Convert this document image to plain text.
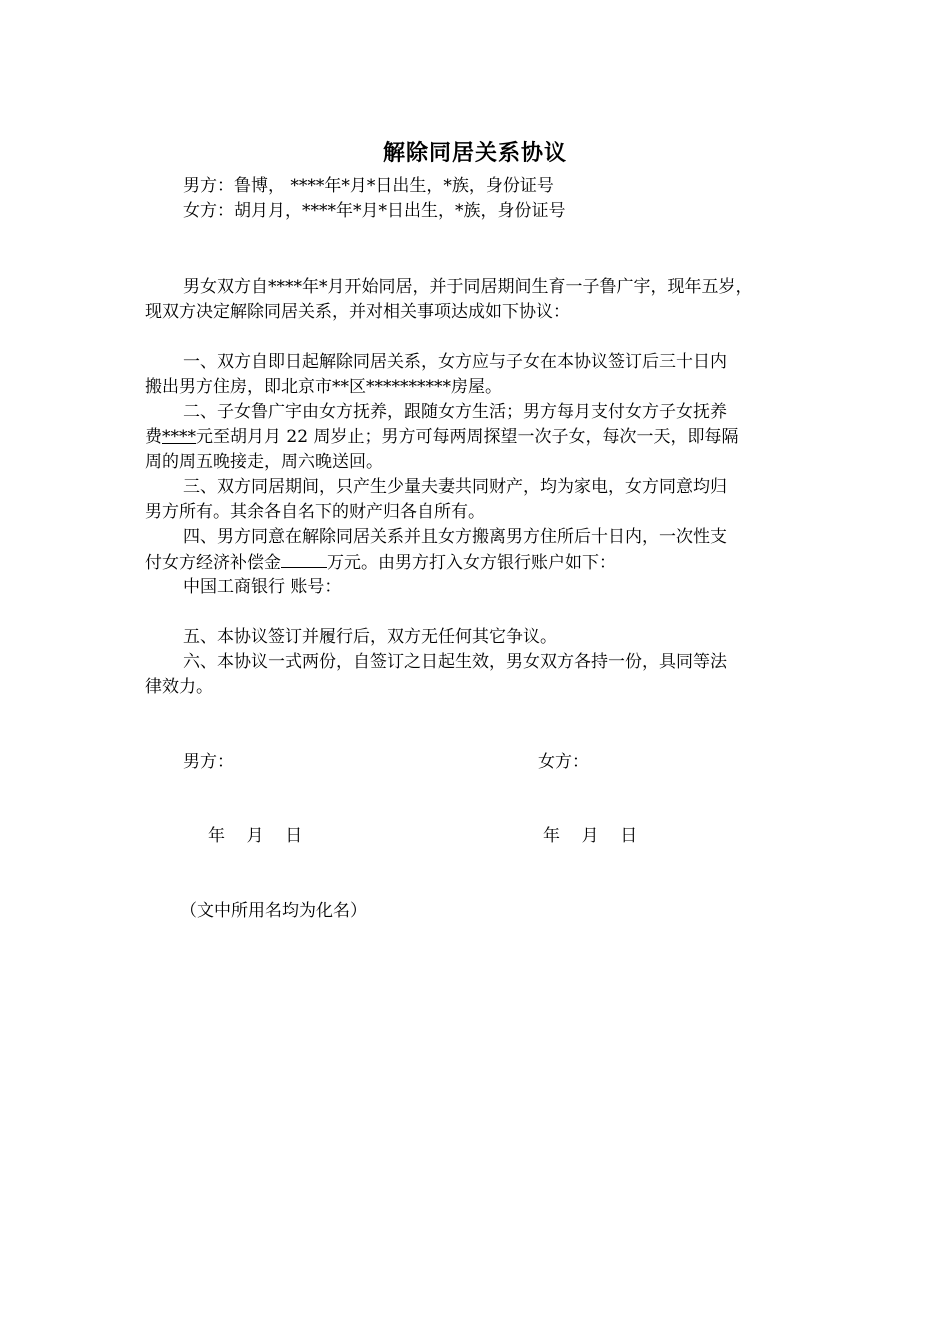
解除同居关系协议
男方：鲁博， ****年*月*日出生，*族，身份证号
女方：胡月月，****年*月*日出生，*族，身份证号
男女双方自****年*月开始同居，并于同居期间生育一子鲁广宇，现年五岁，
现双方决定解除同居关系，并对相关事项达成如下协议：
一、双方自即日起解除同居关系，女方应与子女在本协议签订后三十日内
搬出男方住房，即北京市**区**********房屋。
二、子女鲁广宇由女方抚养，跟随女方生活；男方每月支付女方子女抚养
费****元至胡月月 22 周岁止；男方可每两周探望一次子女，每次一天，即每隔
周的周五晚接走，周六晚送回。
三、双方同居期间，只产生少量夫妻共同财产，均为家电，女方同意均归
男方所有。其余各自名下的财产归各自所有。
四、男方同意在解除同居关系并且女方搬离男方住所后十日内，一次性支
付女方经济补偿金	万元。由男方打入女方银行账户如下：
中国工商银行 账号：
五、本协议签订并履行后，双方无任何其它争议。
六、本协议一式两份，自签订之日起生效，男女双方各持一份，具同等法
律效力。
男方：	女方：
年    月    日	年    月    日
（文中所用名均为化名）
